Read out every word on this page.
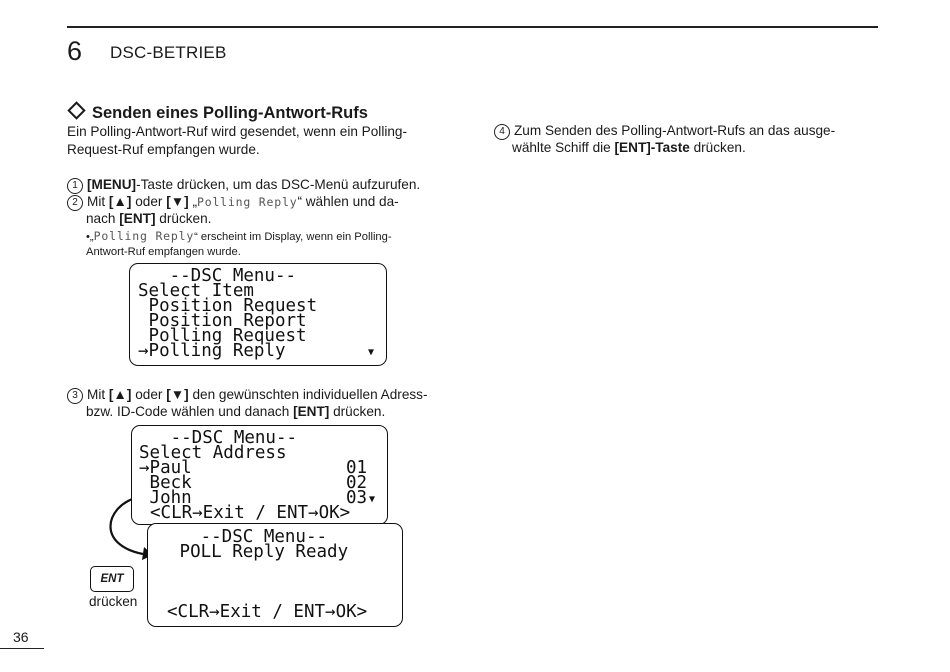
6 DSC-BETRIEB
Senden eines Polling-Antwort-Rufs
Ein Polling-Antwort-Ruf wird gesendet, wenn ein Polling-Request-Ruf empfangen wurde.
1 [MENU]-Taste drücken, um das DSC-Menü aufzurufen.
2 Mit [▲] oder [▼] „Polling Reply“ wählen und da-
nach [ENT] drücken.
•„Polling Reply“ erscheint im Display, wenn ein Polling-
Antwort-Ruf empfangen wurde.
--DSC Menu--
Select Item
Position Request
Position Report
Polling Request
→Polling Reply	▼
3 Mit [▲] oder [▼] den gewünschten individuellen Adress-
bzw. ID-Code wählen und danach [ENT] drücken.
--DSC Menu--
Select Address
→Paul	01
Beck	02
John	03 ▼
<CLR→Exit / ENT→OK>
--DSC Menu--
POLL Reply Ready
<CLR→Exit / ENT→OK>
ENT
drücken
4 Zum Senden des Polling-Antwort-Rufs an das ausge-
wählte Schiff die [ENT]-Taste drücken.
36
